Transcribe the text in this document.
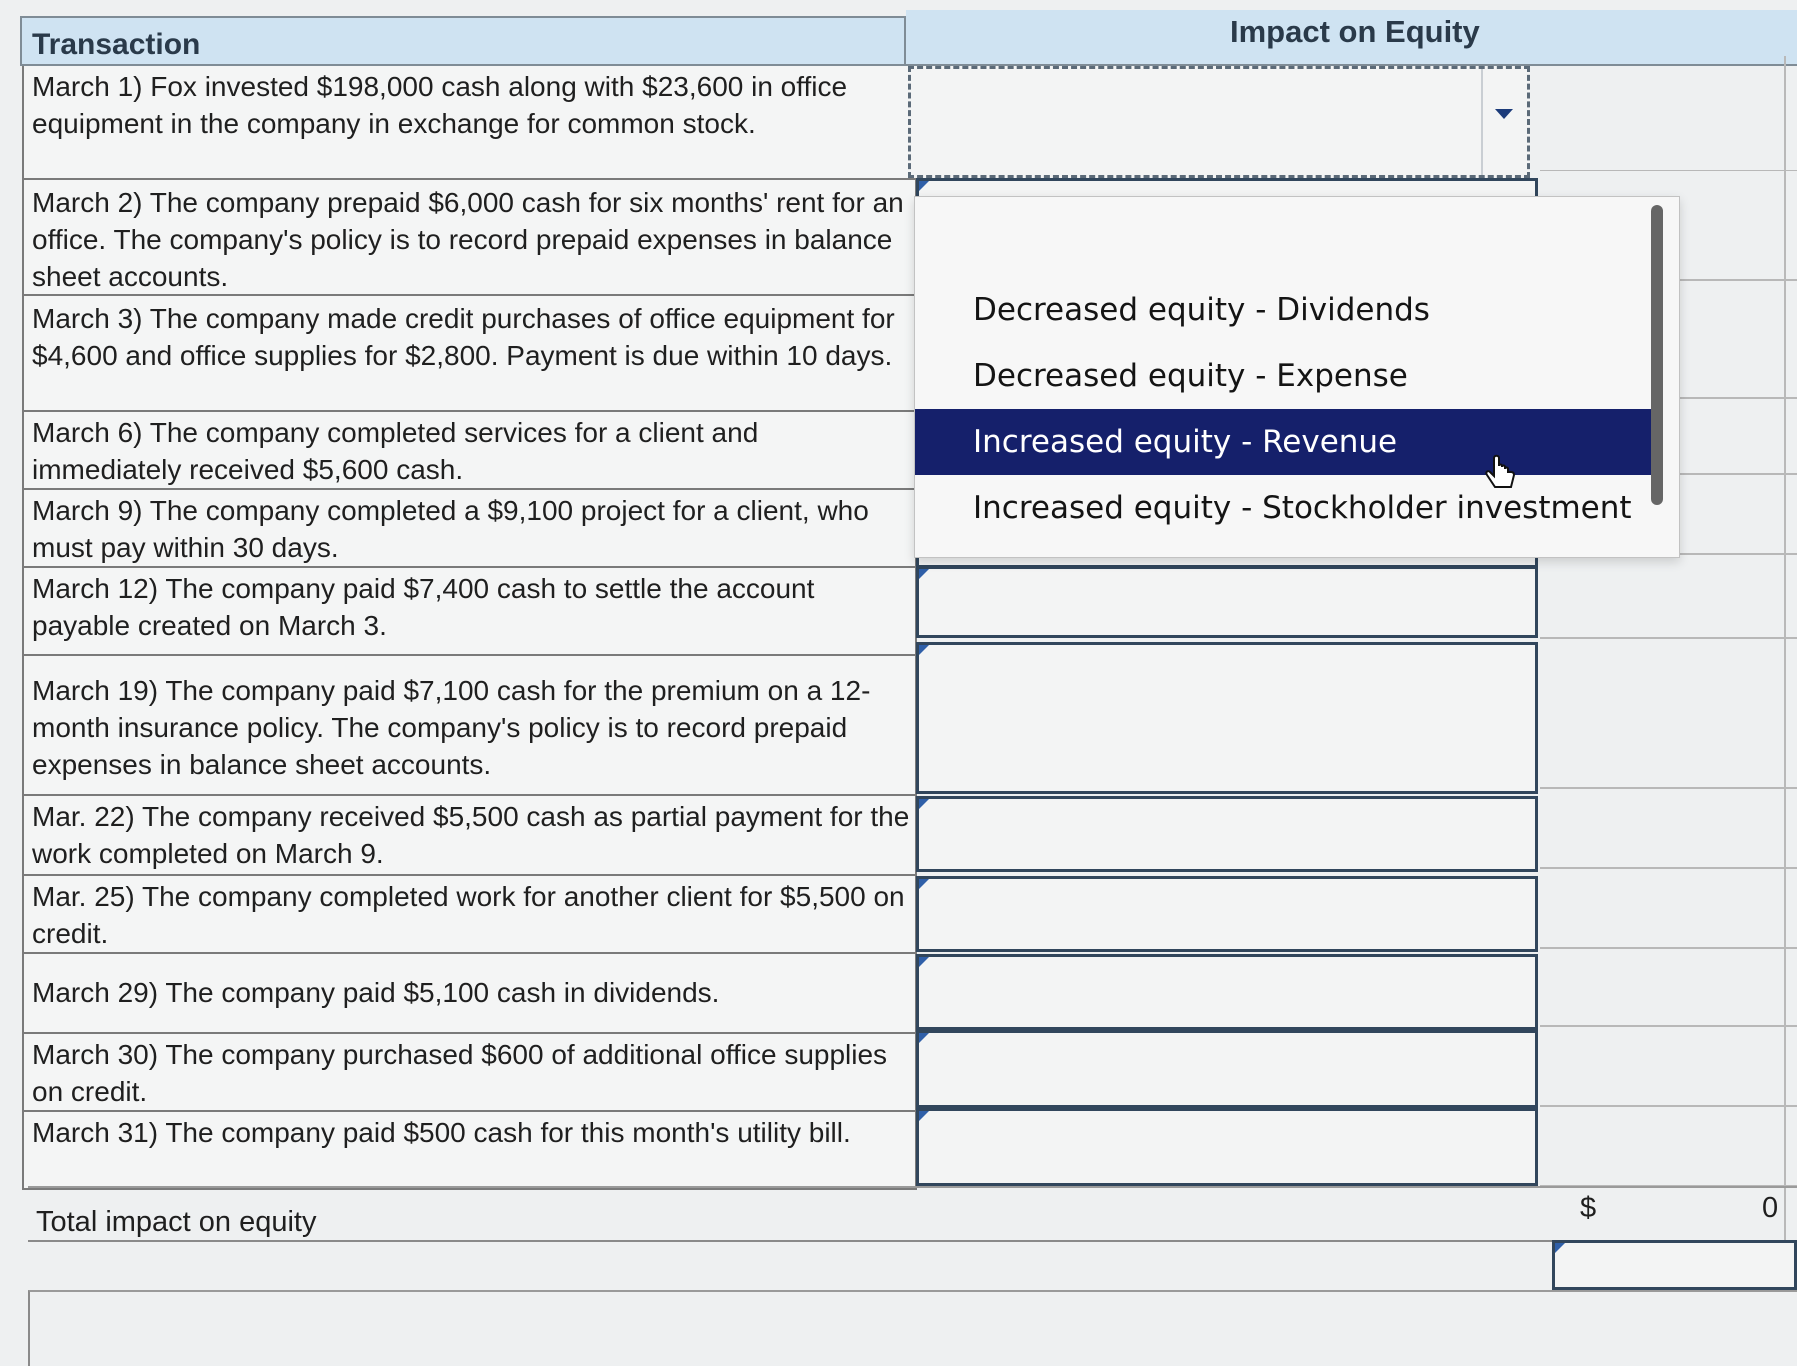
Transaction	Impact on Equity
March 1) Fox invested $198,000 cash along with $23,600 in office equipment in the company in exchange for common stock.
March 2) The company prepaid $6,000 cash for six months' rent for an office. The company's policy is to record prepaid expenses in balance sheet accounts.
March 3) The company made credit purchases of office equipment for $4,600 and office supplies for $2,800. Payment is due within 10 days.
March 6) The company completed services for a client and immediately received $5,600 cash.
March 9) The company completed a $9,100 project for a client, who must pay within 30 days.
March 12) The company paid $7,400 cash to settle the account payable created on March 3.
March 19) The company paid $7,100 cash for the premium on a 12-month insurance policy. The company's policy is to record prepaid expenses in balance sheet accounts.
Mar. 22) The company received $5,500 cash as partial payment for the work completed on March 9.
Mar. 25) The company completed work for another client for $5,500 on credit.
March 29) The company paid $5,100 cash in dividends.
March 30) The company purchased $600 of additional office supplies on credit.
March 31) The company paid $500 cash for this month's utility bill.
Decreased equity - Dividends
Decreased equity - Expense
Increased equity - Revenue
Increased equity - Stockholder investment
Total impact on equity	$	0
